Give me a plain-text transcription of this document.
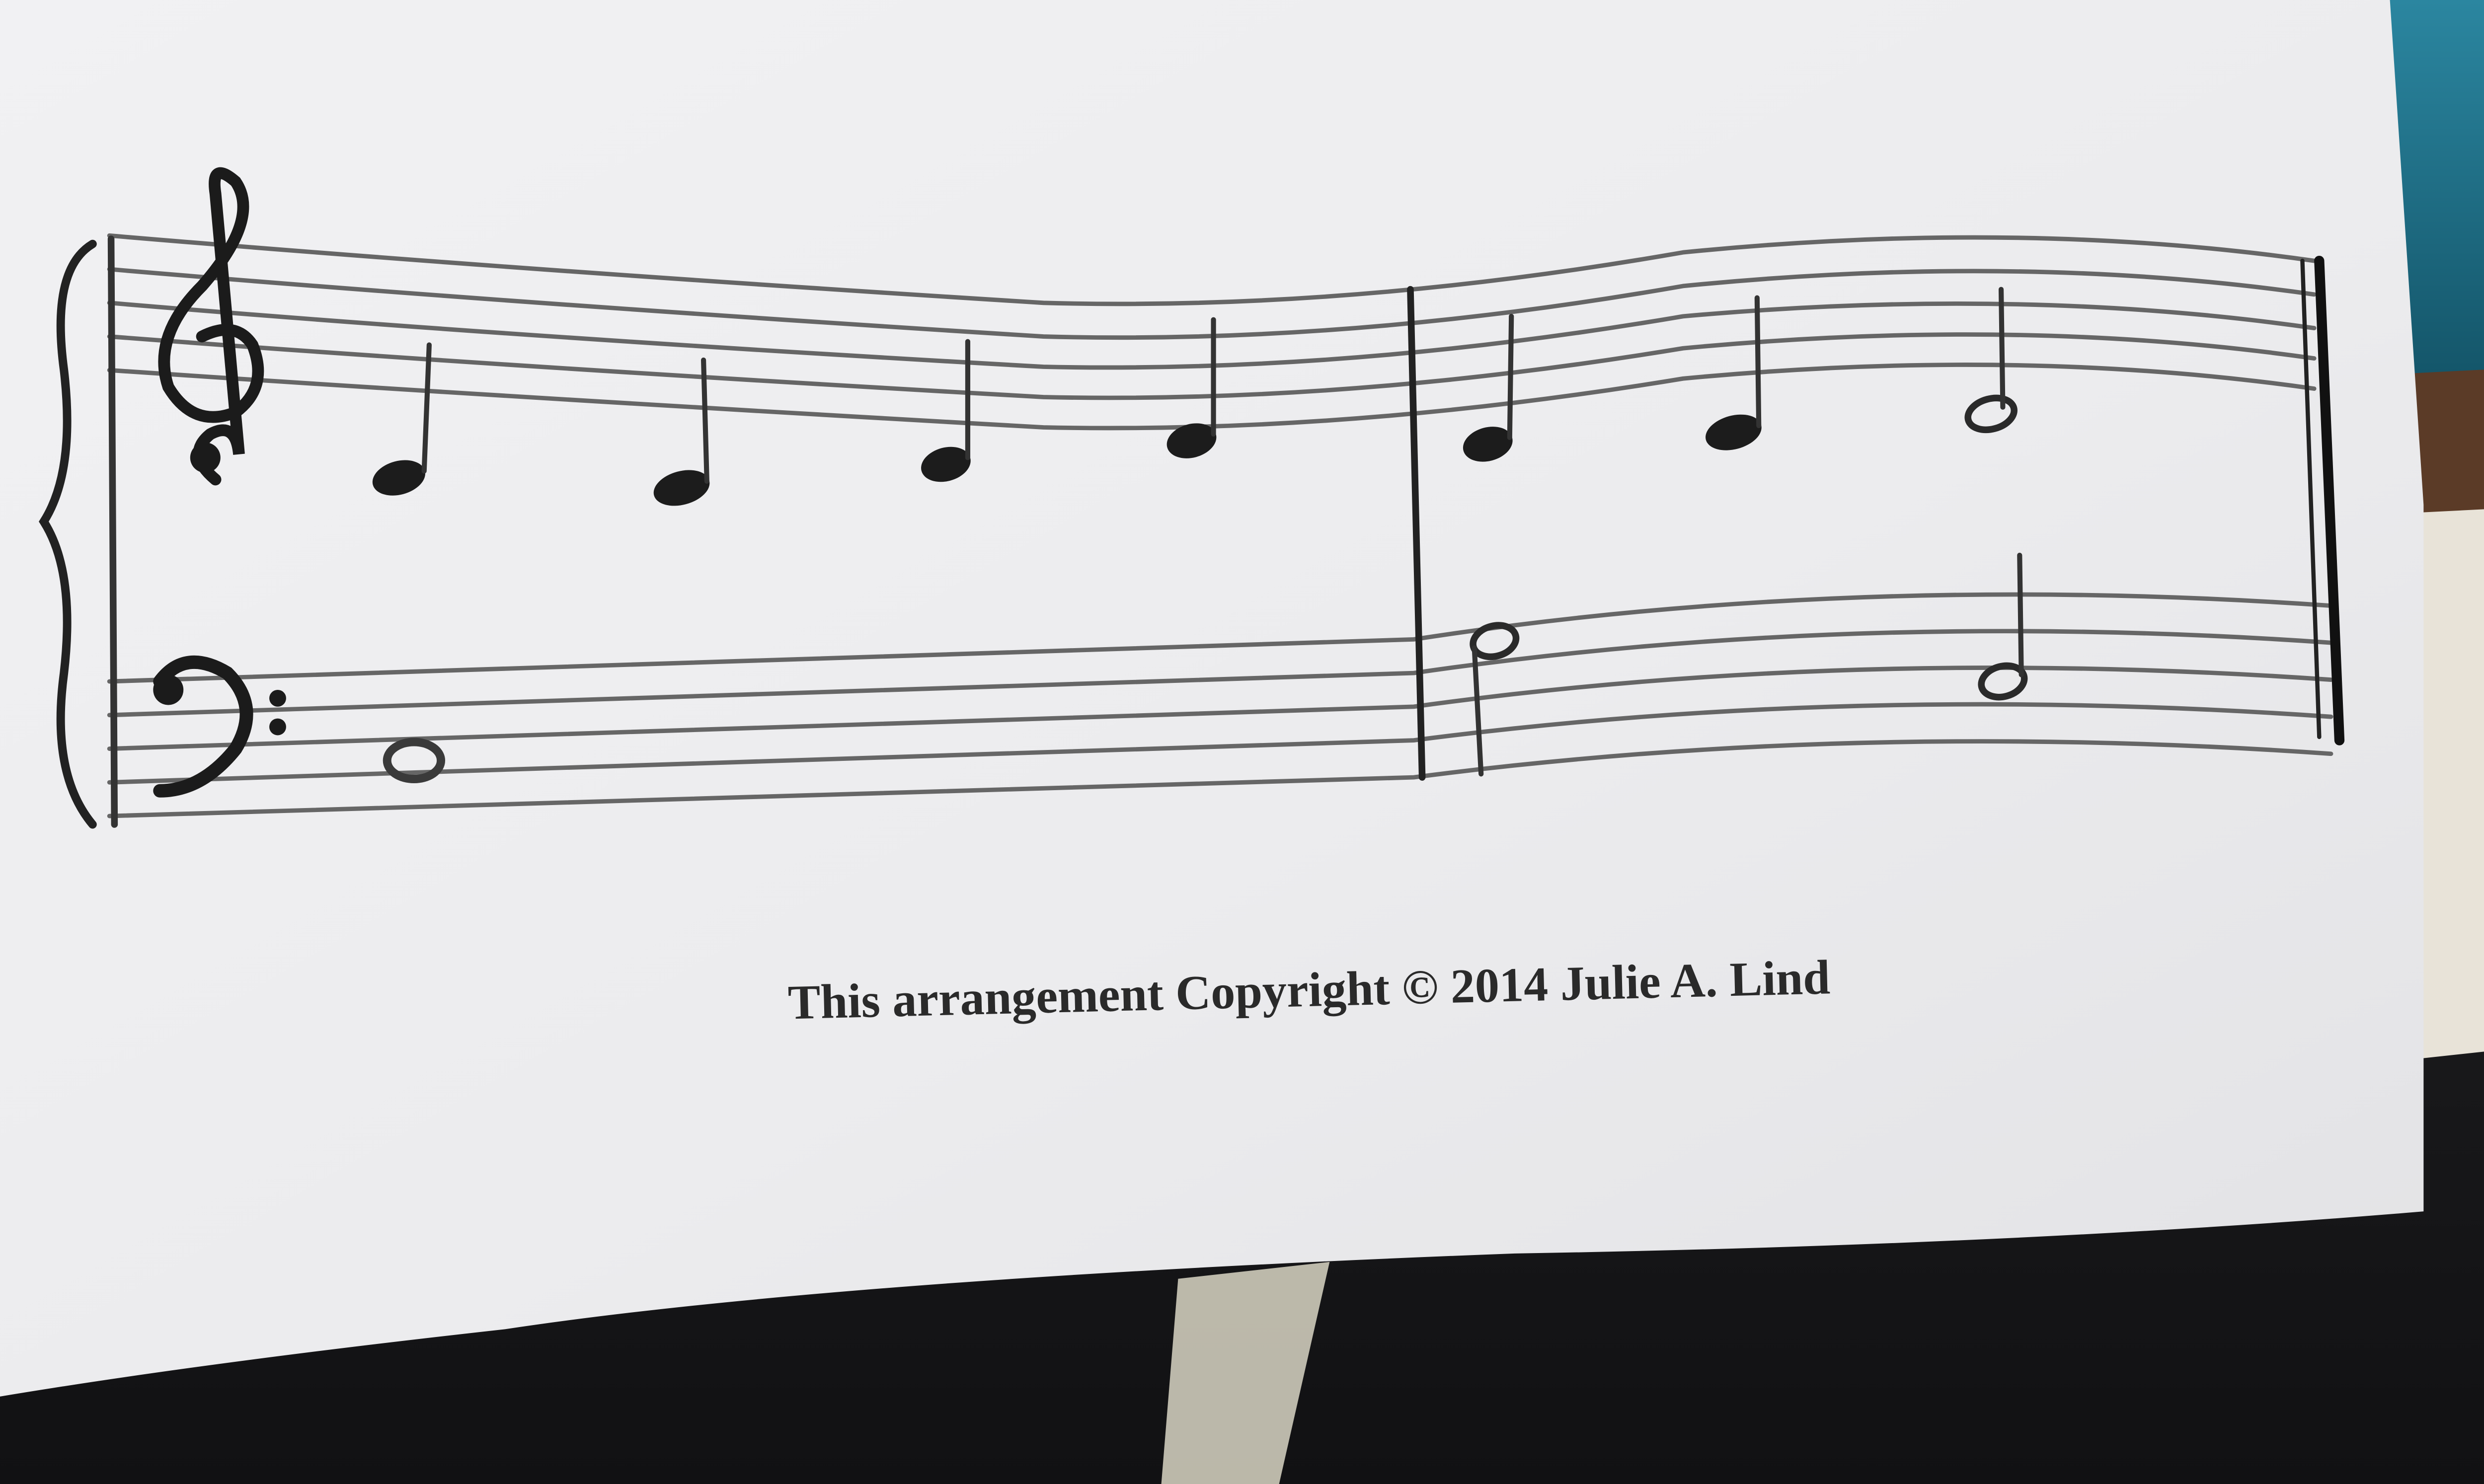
This arrangement Copyright © 2014 Julie A. Lind
